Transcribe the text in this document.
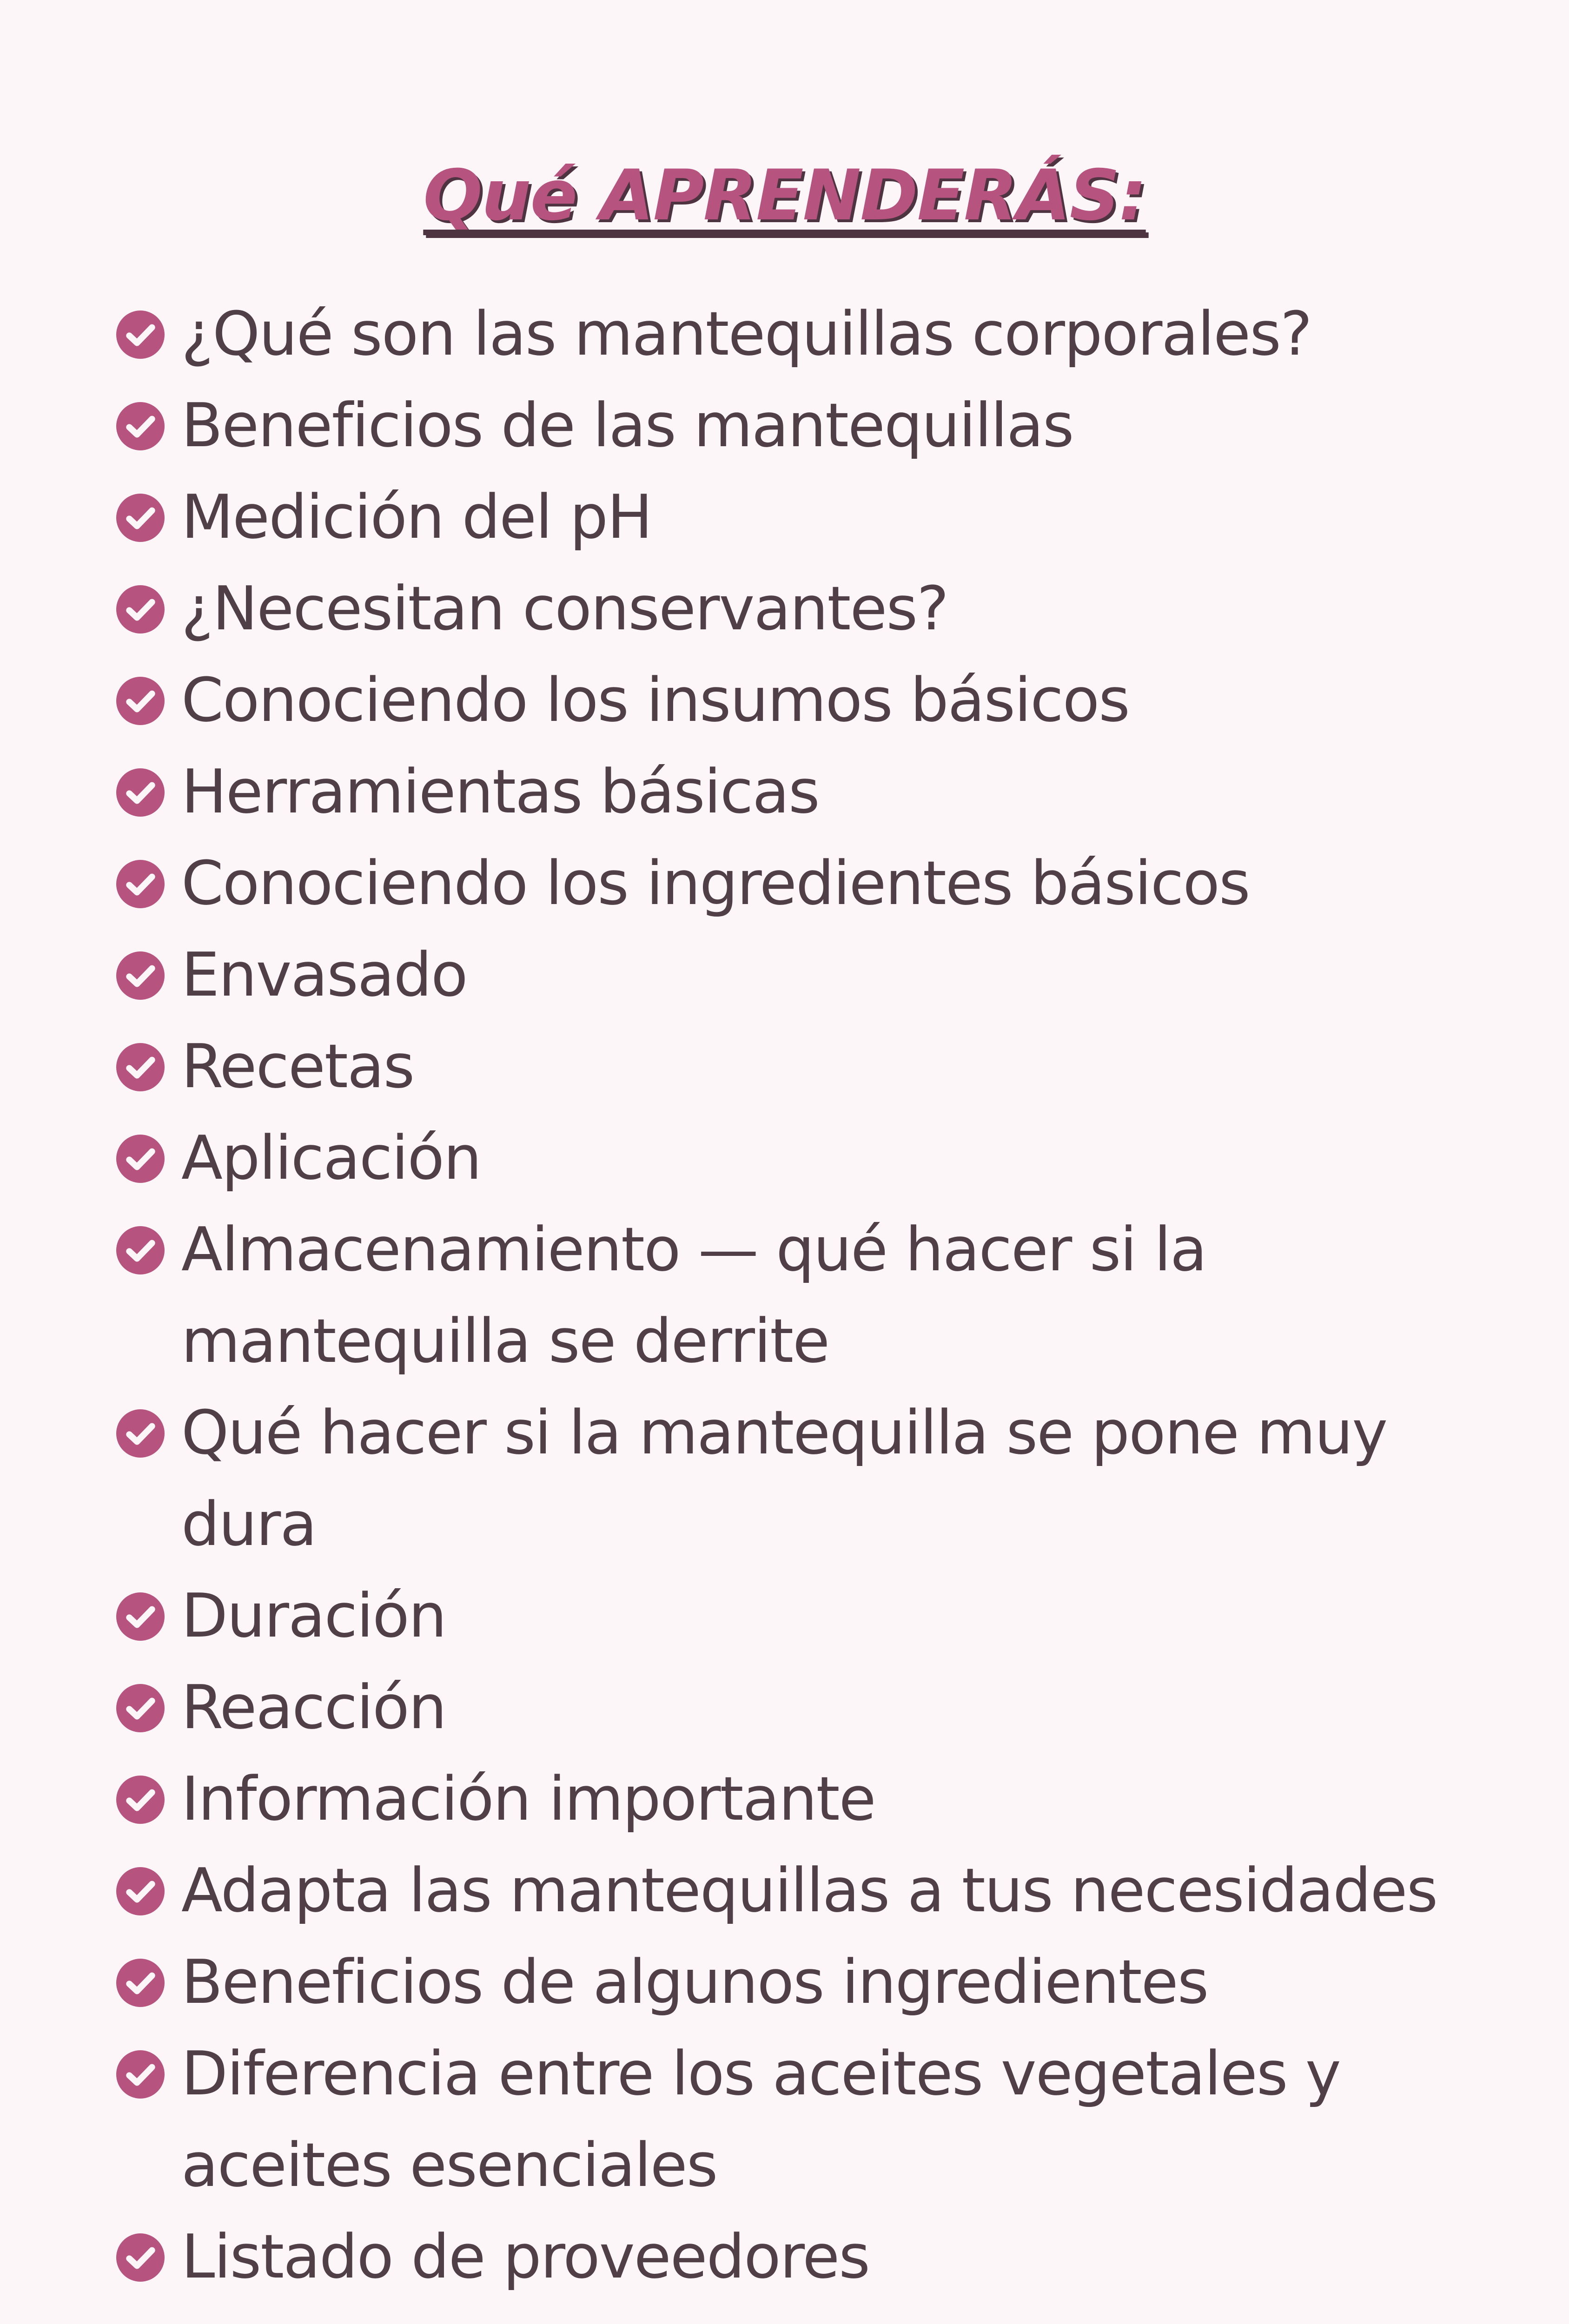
Qué APRENDERÁS:
¿Qué son las mantequillas corporales?
Beneficios de las mantequillas
Medición del pH
¿Necesitan conservantes?
Conociendo los insumos básicos
Herramientas básicas
Conociendo los ingredientes básicos
Envasado
Recetas
Aplicación
Almacenamiento — qué hacer si la mantequilla se derrite
Qué hacer si la mantequilla se pone muy dura
Duración
Reacción
Información importante
Adapta las mantequillas a tus necesidades
Beneficios de algunos ingredientes
Diferencia entre los aceites vegetales y aceites esenciales
Listado de proveedores
